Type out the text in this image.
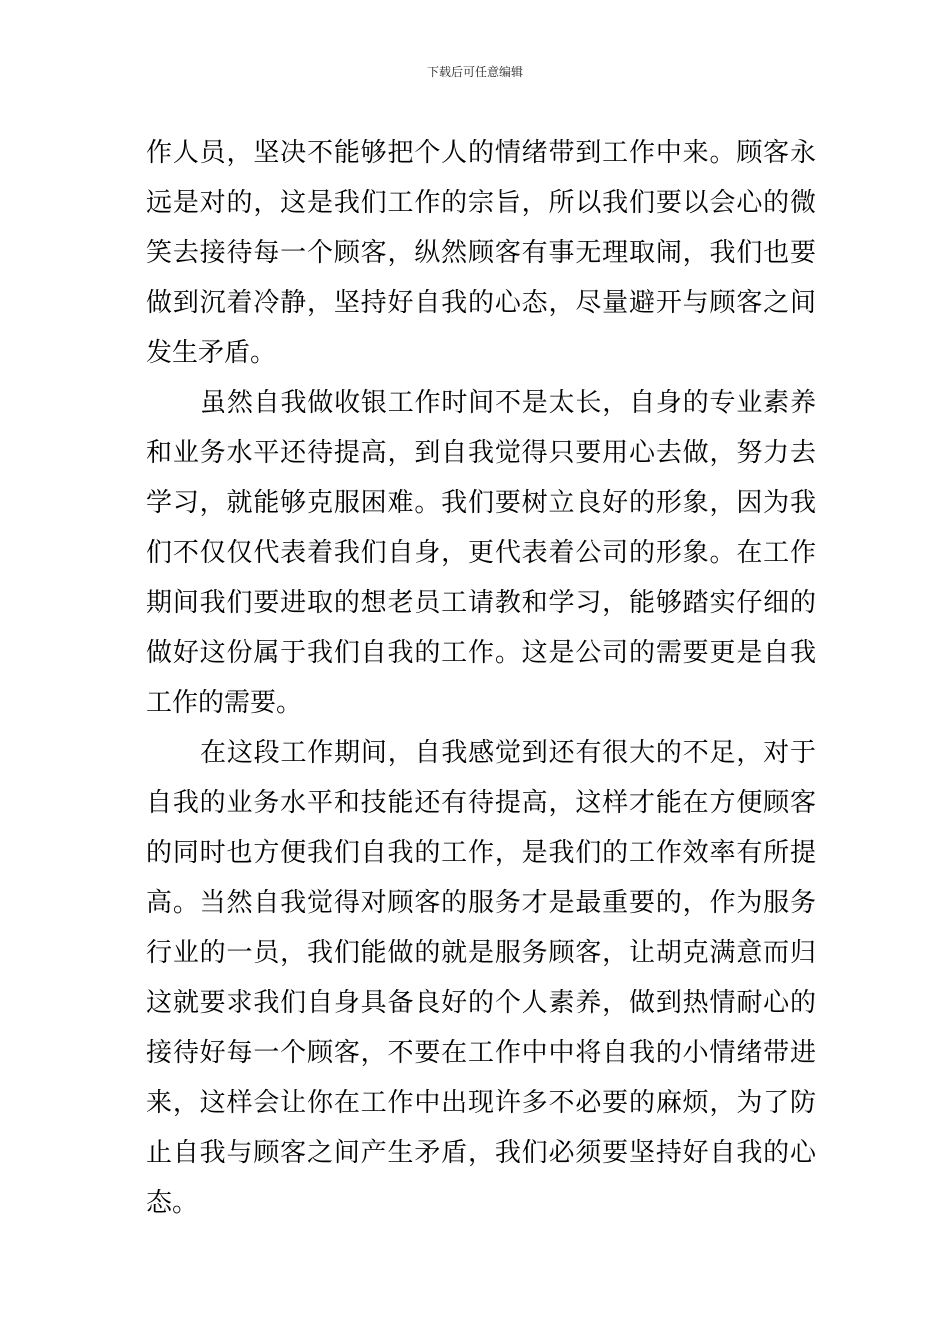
下载后可任意编辑
作人员，坚决不能够把个人的情绪带到工作中来。顾客永
远是对的，这是我们工作的宗旨，所以我们要以会心的微
笑去接待每一个顾客，纵然顾客有事无理取闹，我们也要
做到沉着冷静，坚持好自我的心态，尽量避开与顾客之间
发生矛盾。
虽然自我做收银工作时间不是太长，自身的专业素养
和业务水平还待提高，到自我觉得只要用心去做，努力去
学习，就能够克服困难。我们要树立良好的形象，因为我
们不仅仅代表着我们自身，更代表着公司的形象。在工作
期间我们要进取的想老员工请教和学习，能够踏实仔细的
做好这份属于我们自我的工作。这是公司的需要更是自我
工作的需要。
在这段工作期间，自我感觉到还有很大的不足，对于
自我的业务水平和技能还有待提高，这样才能在方便顾客
的同时也方便我们自我的工作，是我们的工作效率有所提
高。当然自我觉得对顾客的服务才是最重要的，作为服务
行业的一员，我们能做的就是服务顾客，让胡克满意而归
这就要求我们自身具备良好的个人素养，做到热情耐心的
接待好每一个顾客，不要在工作中中将自我的小情绪带进
来，这样会让你在工作中出现许多不必要的麻烦，为了防
止自我与顾客之间产生矛盾，我们必须要坚持好自我的心
态。
